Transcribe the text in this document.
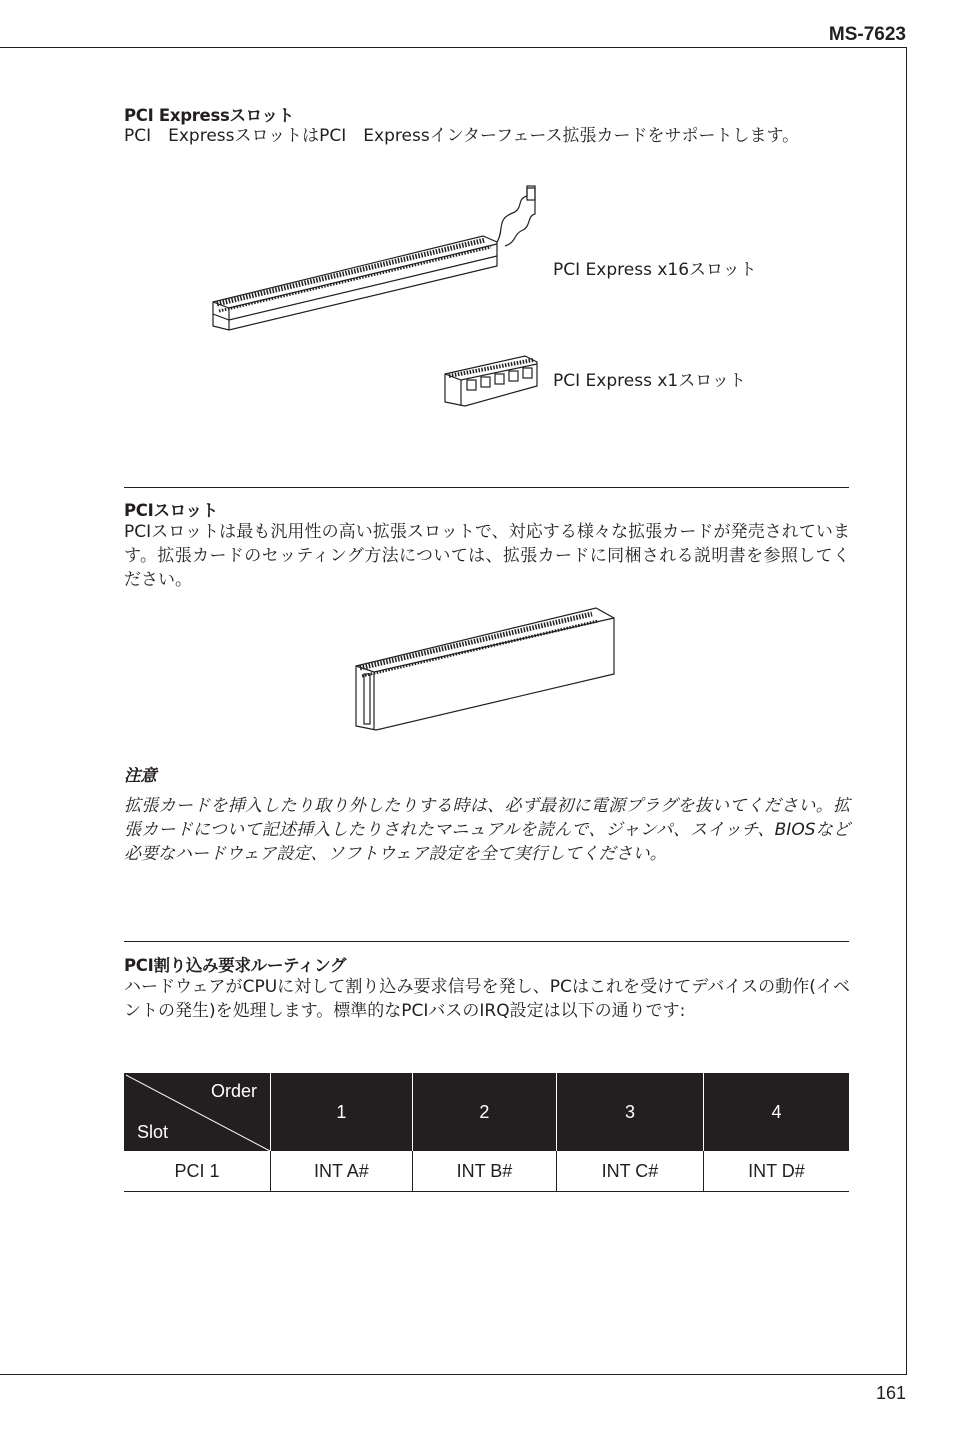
MS-7623
PCI Expressスロット
PCI　ExpressスロットはPCI　Expressインターフェース拡張カードをサポートします。
PCI Express x16スロット
PCI Express x1スロット
PCIスロット
PCIスロットは最も汎用性の高い拡張スロットで、対応する様々な拡張カードが発売されています。拡張カードのセッティング方法については、拡張カードに同梱される説明書を参照してください。
注意
拡張カードを挿入したり取り外したりする時は、必ず最初に電源プラグを抜いてください。拡張カードについて記述挿入したりされたマニュアルを読んで、ジャンパ、スイッチ、BIOSなど必要なハードウェア設定、ソフトウェア設定を全て実行してください。
PCI割り込み要求ルーティング
ハードウェアがCPUに対して割り込み要求信号を発し、PCはこれを受けてデバイスの動作(イベントの発生)を処理します。標準的なPCIバスのIRQ設定は以下の通りです:
Order
Slot	1	2	3	4
PCI 1	INT A#	INT B#	INT C#	INT D#
161
